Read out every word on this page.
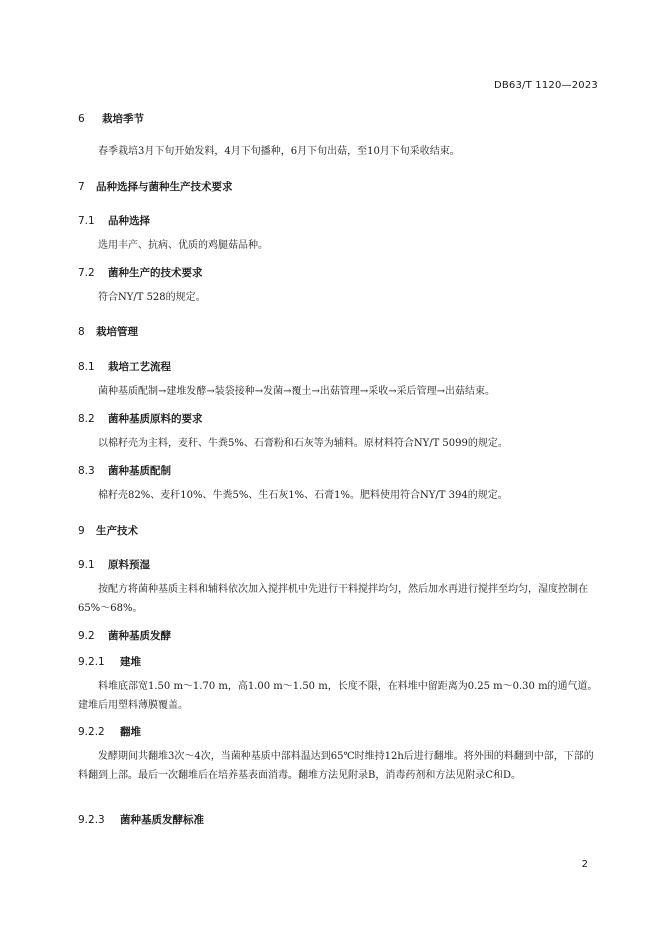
DB63/T 1120—2023
6 栽培季节
春季栽培3月下旬开始发料，4月下旬播种，6月下旬出菇，至10月下旬采收结束。
7 品种选择与菌种生产技术要求
7.1 品种选择
选用丰产、抗病、优质的鸡腿菇品种。
7.2 菌种生产的技术要求
符合NY/T 528的规定。
8 栽培管理
8.1 栽培工艺流程
菌种基质配制→建堆发酵→装袋接种→发菌→覆土→出菇管理→采收→采后管理→出菇结束。
8.2 菌种基质原料的要求
以棉籽壳为主料，麦秆、牛粪5%、石膏粉和石灰等为辅料。原材料符合NY/T 5099的规定。
8.3 菌种基质配制
棉籽壳82%、麦秆10%、牛粪5%、生石灰1%、石膏1%。肥料使用符合NY/T 394的规定。
9 生产技术
9.1 原料预湿
按配方将菌种基质主料和辅料依次加入搅拌机中先进行干料搅拌均匀，然后加水再进行搅拌至均匀，湿度控制在65%～68%。
9.2 菌种基质发酵
9.2.1 建堆
料堆底部宽1.50 m～1.70 m，高1.00 m～1.50 m，长度不限，在料堆中留距离为0.25 m～0.30 m的通气道。建堆后用塑料薄膜覆盖。
9.2.2 翻堆
发酵期间共翻堆3次～4次，当菌种基质中部料温达到65℃时维持12h后进行翻堆。将外围的料翻到中部，下部的料翻到上部。最后一次翻堆后在培养基表面消毒。翻堆方法见附录B，消毒药剂和方法见附录C和D。
9.2.3 菌种基质发酵标准
2
